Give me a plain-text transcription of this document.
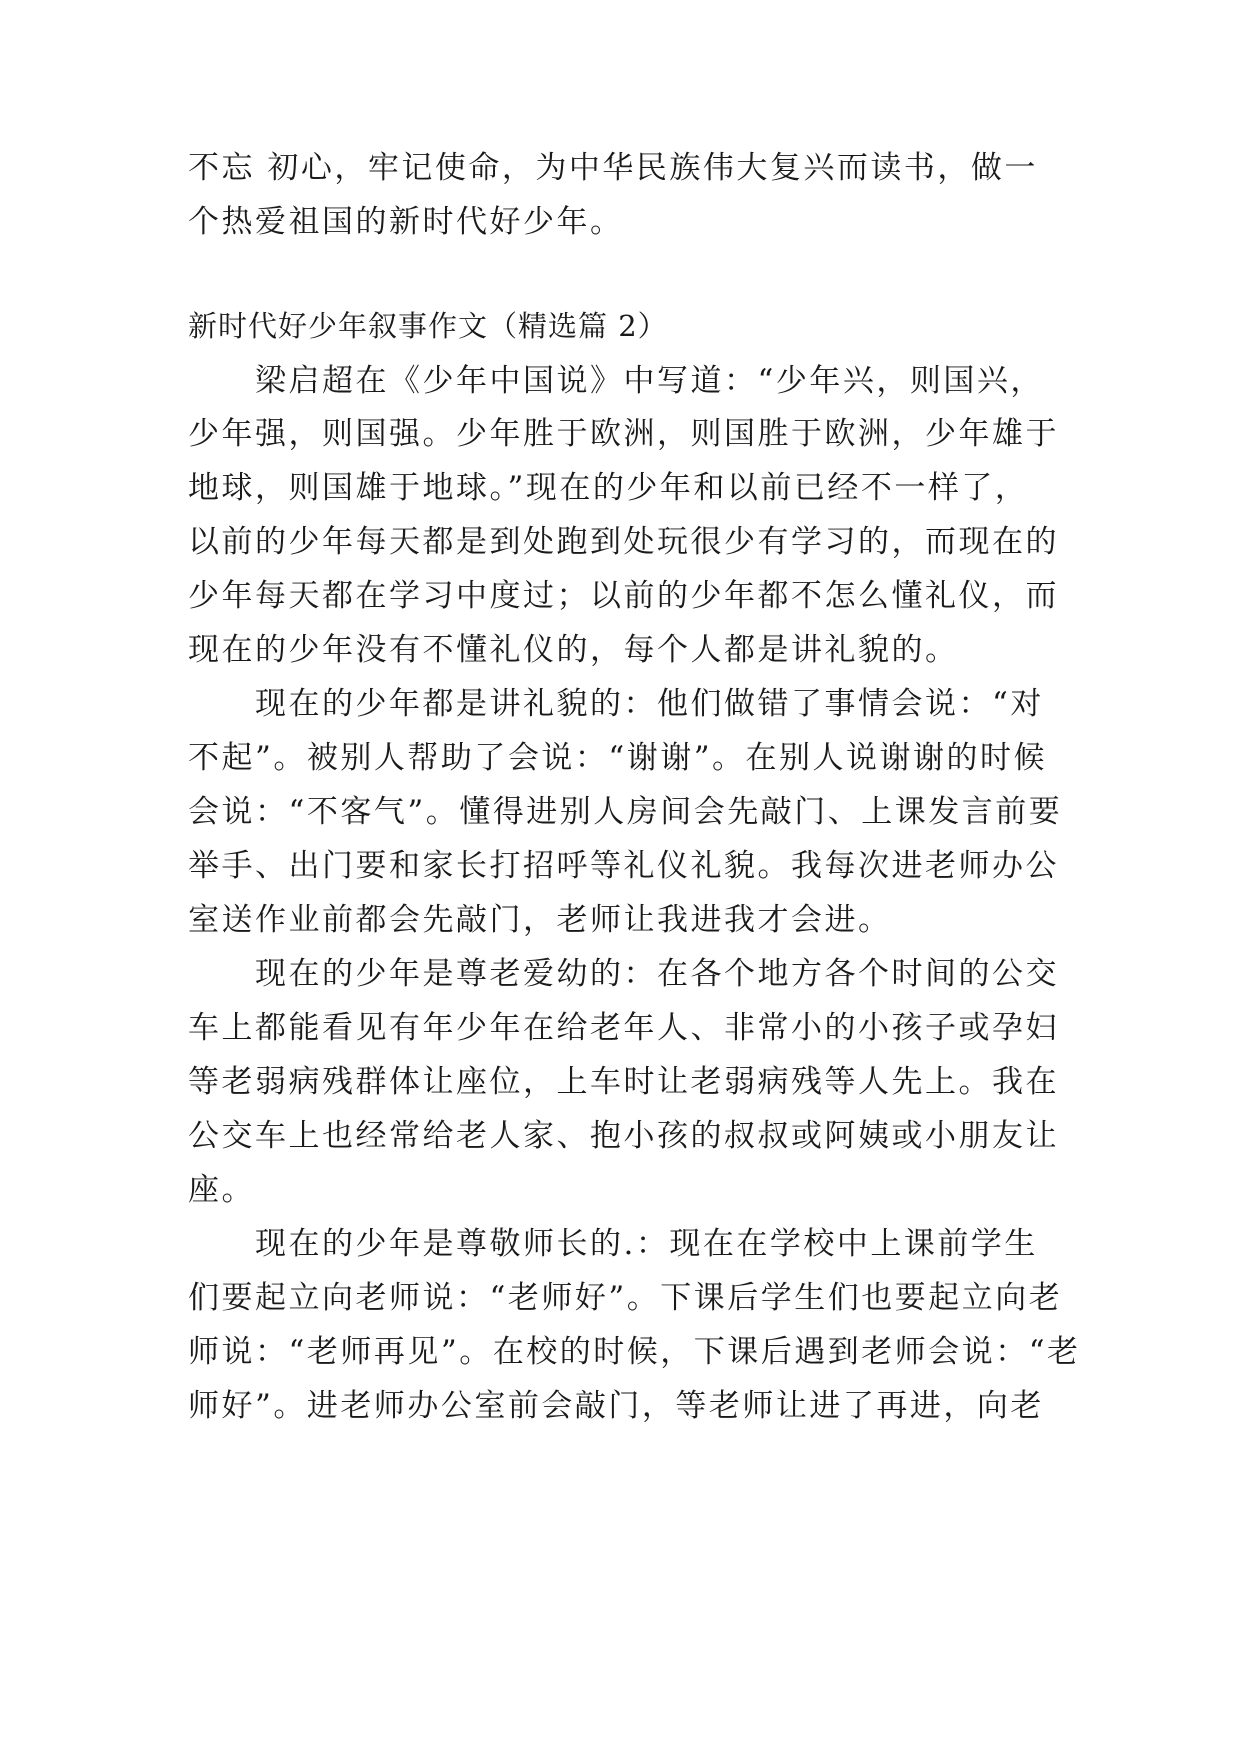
不忘 初心，牢记使命，为中华民族伟大复兴而读书，做一
个热爱祖国的新时代好少年。
新时代好少年叙事作文（精选篇 2）
　　梁启超在《少年中国说》中写道：“少年兴，则国兴，
少年强，则国强。少年胜于欧洲，则国胜于欧洲，少年雄于
地球，则国雄于地球。”现在的少年和以前已经不一样了，
以前的少年每天都是到处跑到处玩很少有学习的，而现在的
少年每天都在学习中度过；以前的少年都不怎么懂礼仪，而
现在的少年没有不懂礼仪的，每个人都是讲礼貌的。
　　现在的少年都是讲礼貌的：他们做错了事情会说：“对
不起”。被别人帮助了会说：“谢谢”。在别人说谢谢的时候
会说：“不客气”。懂得进别人房间会先敲门、上课发言前要
举手、出门要和家长打招呼等礼仪礼貌。我每次进老师办公
室送作业前都会先敲门，老师让我进我才会进。
　　现在的少年是尊老爱幼的：在各个地方各个时间的公交
车上都能看见有年少年在给老年人、非常小的小孩子或孕妇
等老弱病残群体让座位，上车时让老弱病残等人先上。我在
公交车上也经常给老人家、抱小孩的叔叔或阿姨或小朋友让
座。
　　现在的少年是尊敬师长的.：现在在学校中上课前学生
们要起立向老师说：“老师好”。下课后学生们也要起立向老
师说：“老师再见”。在校的时候，下课后遇到老师会说：“老
师好”。进老师办公室前会敲门，等老师让进了再进，向老
